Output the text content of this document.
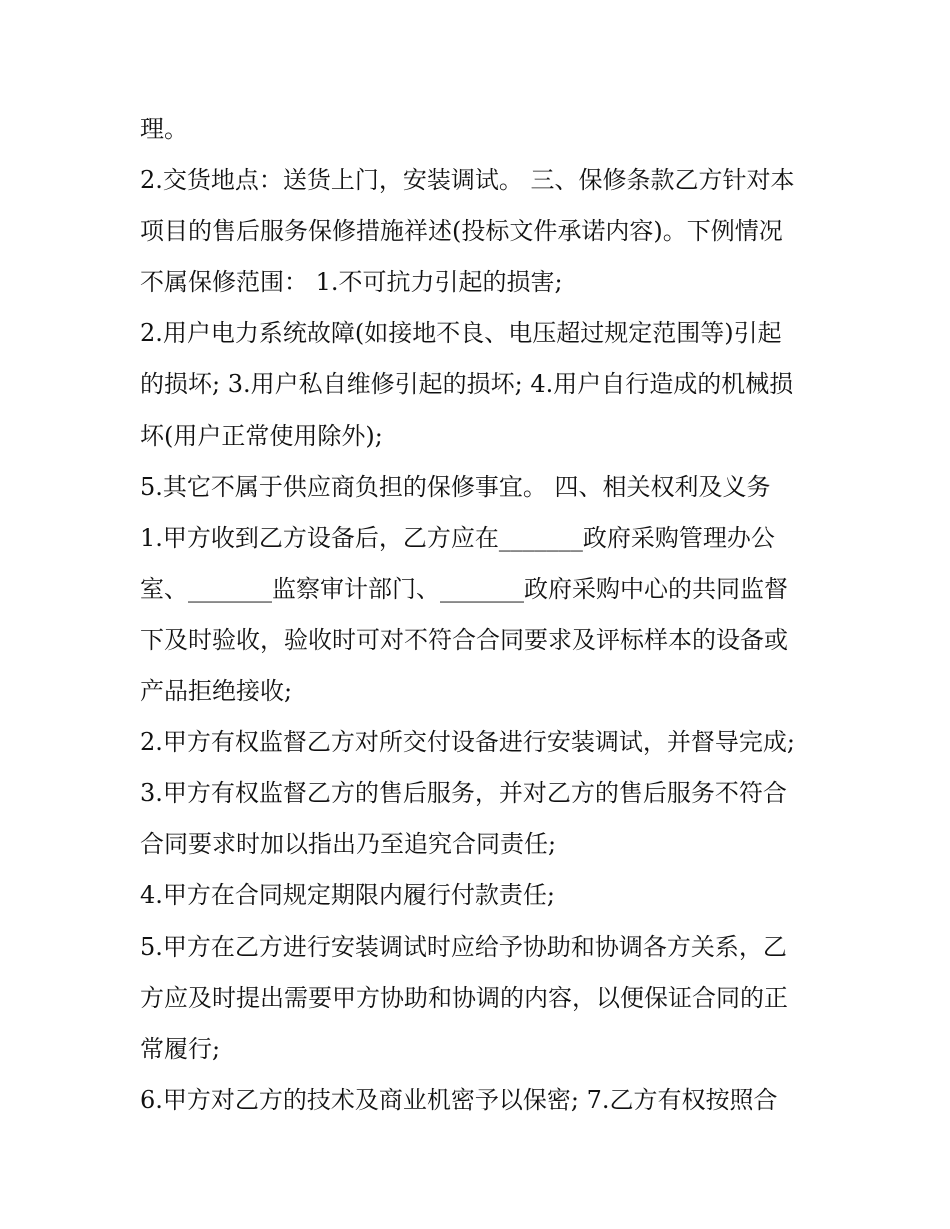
理。
2.交货地点：送货上门，安装调试。 三、保修条款乙方针对本
项目的售后服务保修措施祥述(投标文件承诺内容)。下例情况
不属保修范围： 1.不可抗力引起的损害;
2.用户电力系统故障(如接地不良、电压超过规定范围等)引起
的损坏; 3.用户私自维修引起的损坏; 4.用户自行造成的机械损
坏(用户正常使用除外);
5.其它不属于供应商负担的保修事宜。 四、相关权利及义务
1.甲方收到乙方设备后，乙方应在_______政府采购管理办公
室、_______监察审计部门、_______政府采购中心的共同监督
下及时验收，验收时可对不符合合同要求及评标样本的设备或
产品拒绝接收;
2.甲方有权监督乙方对所交付设备进行安装调试，并督导完成;
3.甲方有权监督乙方的售后服务，并对乙方的售后服务不符合
合同要求时加以指出乃至追究合同责任;
4.甲方在合同规定期限内履行付款责任;
5.甲方在乙方进行安装调试时应给予协助和协调各方关系，乙
方应及时提出需要甲方协助和协调的内容，以便保证合同的正
常履行;
6.甲方对乙方的技术及商业机密予以保密; 7.乙方有权按照合
